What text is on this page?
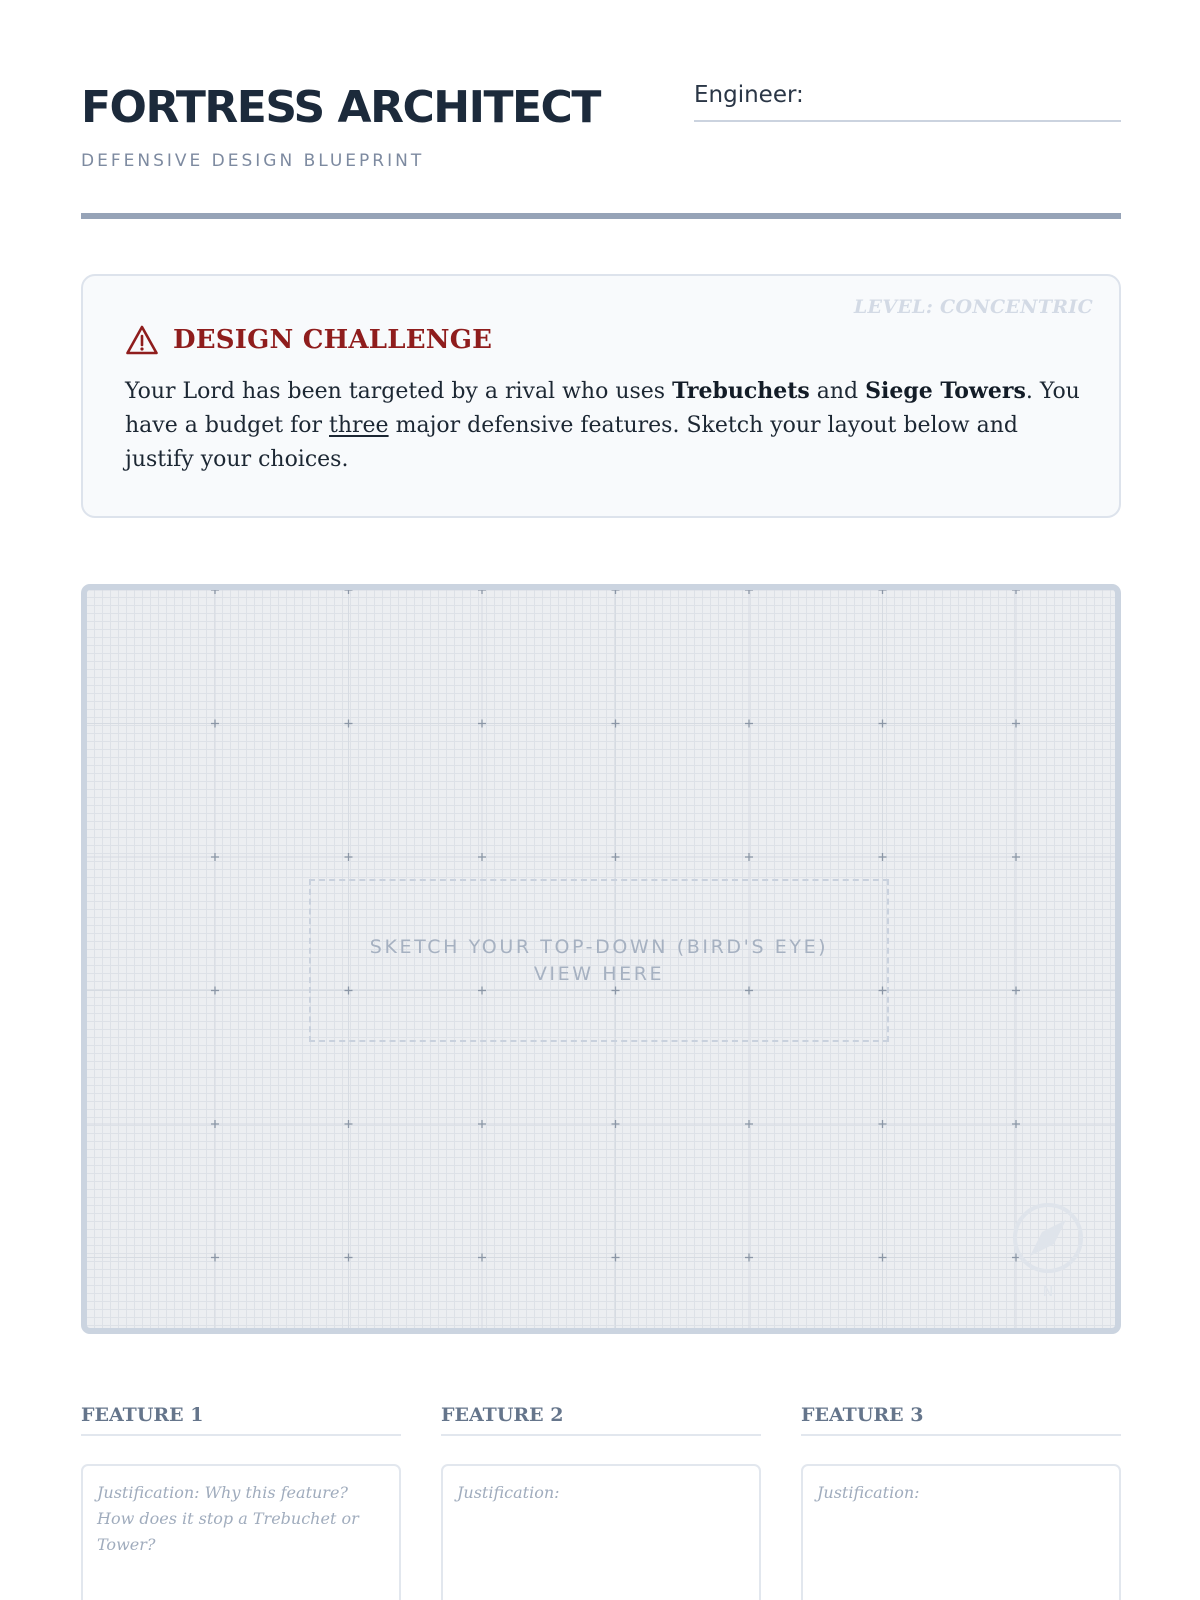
FORTRESS ARCHITECT
DEFENSIVE DESIGN BLUEPRINT
Engineer:
LEVEL: CONCENTRIC
DESIGN CHALLENGE
Your Lord has been targeted by a rival who uses Trebuchets and Siege Towers. You have a budget for three major defensive features. Sketch your layout below and justify your choices.
SKETCH YOUR TOP-DOWN (BIRD'S EYE) VIEW HERE
N
FEATURE 1
Justification: Why this feature? How does it stop a Trebuchet or Tower?
FEATURE 2
Justification:
FEATURE 3
Justification:
